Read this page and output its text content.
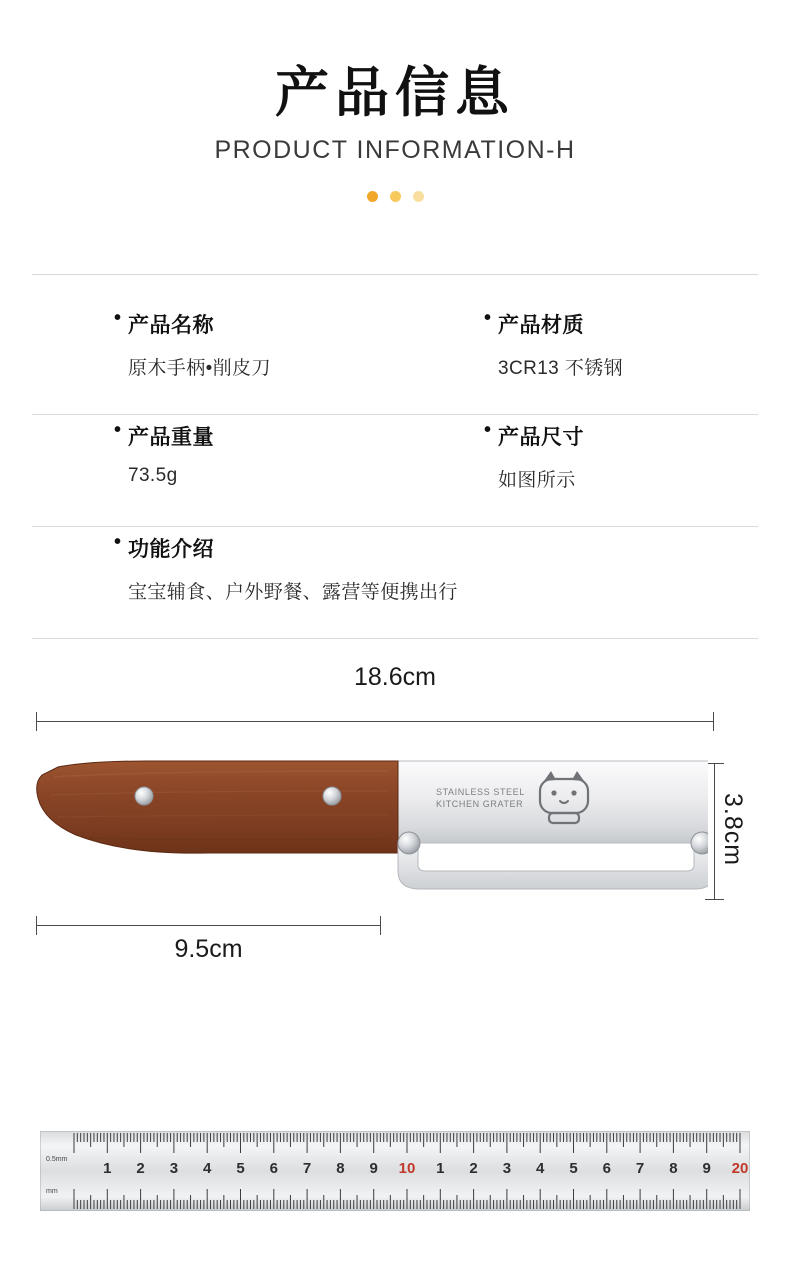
产品信息
PRODUCT INFORMATION-H
• 产品名称
原木手柄•削皮刀
• 产品材质
3CR13 不锈钢
• 产品重量
73.5g
• 产品尺寸
如图所示
• 功能介绍
宝宝辅食、户外野餐、露营等便携出行
18.6cm
9.5cm
3.8cm
STAINLESS STEEL
KITCHEN GRATER
0.5mm
mm
1 2 3 4 5 6 7 8 9 10 1 2 3 4 5 6 7 8 9 20
